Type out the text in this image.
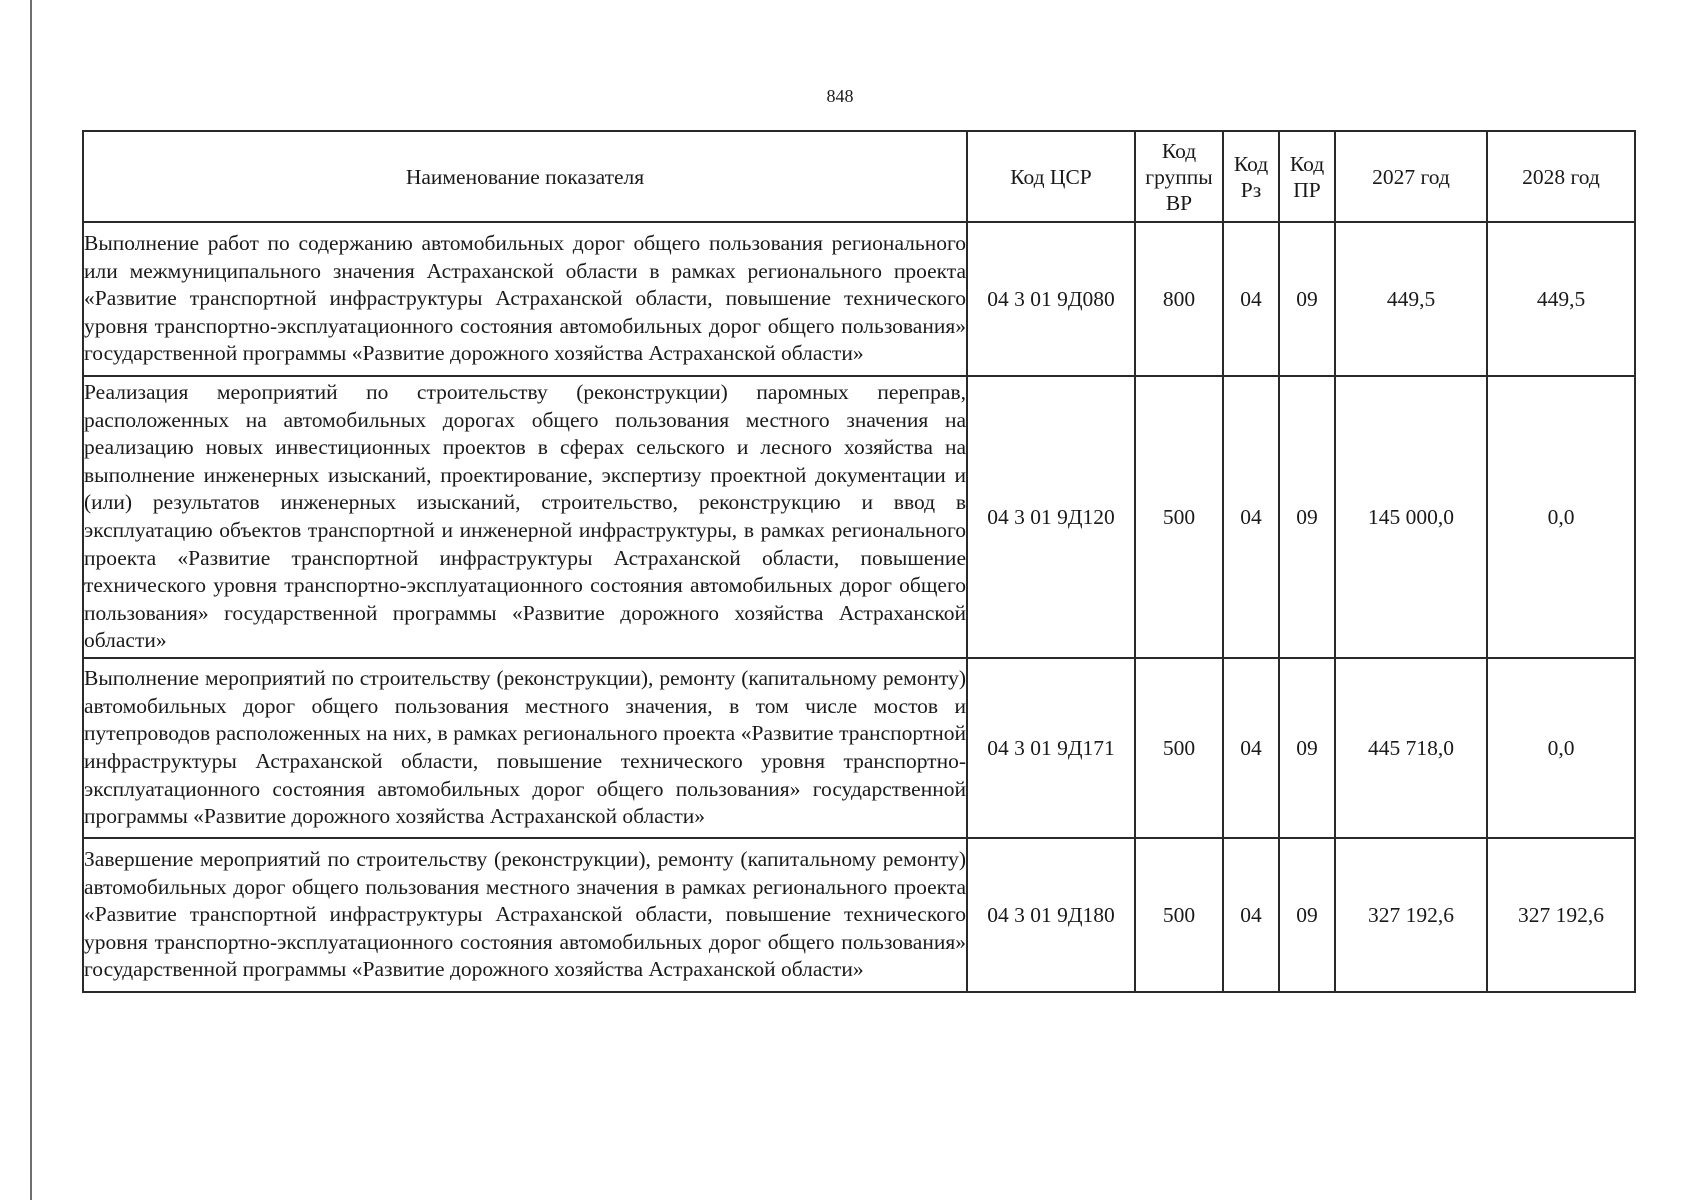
848
Наименование показателя	Код ЦСР	Код группы ВР	Код Рз	Код ПР	2027 год	2028 год
Выполнение работ по содержанию автомобильных дорог общего пользования регионального или межмуниципального значения Астраханской области в рамках регионального проекта «Развитие транспортной инфраструктуры Астраханской области, повышение технического уровня транспортно-эксплуатационного состояния автомобильных дорог общего пользования» государственной программы «Развитие дорожного хозяйства Астраханской области»	04 3 01 9Д080	800	04	09	449,5	449,5
Реализация мероприятий по строительству (реконструкции) паромных переправ, расположенных на автомобильных дорогах общего пользования местного значения на реализацию новых инвестиционных проектов в сферах сельского и лесного хозяйства на выполнение инженерных изысканий, проектирование, экспертизу проектной документации и (или) результатов инженерных изысканий, строительство, реконструкцию и ввод в эксплуатацию объектов транспортной и инженерной инфраструктуры, в рамках регионального проекта «Развитие транспортной инфраструктуры Астраханской области, повышение технического уровня транспортно-эксплуатационного состояния автомобильных дорог общего пользования» государственной программы «Развитие дорожного хозяйства Астраханской области»	04 3 01 9Д120	500	04	09	145 000,0	0,0
Выполнение мероприятий по строительству (реконструкции), ремонту (капитальному ремонту) автомобильных дорог общего пользования местного значения, в том числе мостов и путепроводов расположенных на них, в рамках регионального проекта «Развитие транспортной инфраструктуры Астраханской области, повышение технического уровня транспортно-эксплуатационного состояния автомобильных дорог общего пользования» государственной программы «Развитие дорожного хозяйства Астраханской области»	04 3 01 9Д171	500	04	09	445 718,0	0,0
Завершение мероприятий по строительству (реконструкции), ремонту (капитальному ремонту) автомобильных дорог общего пользования местного значения в рамках регионального проекта «Развитие транспортной инфраструктуры Астраханской области, повышение технического уровня транспортно-эксплуатационного состояния автомобильных дорог общего пользования» государственной программы «Развитие дорожного хозяйства Астраханской области»	04 3 01 9Д180	500	04	09	327 192,6	327 192,6
